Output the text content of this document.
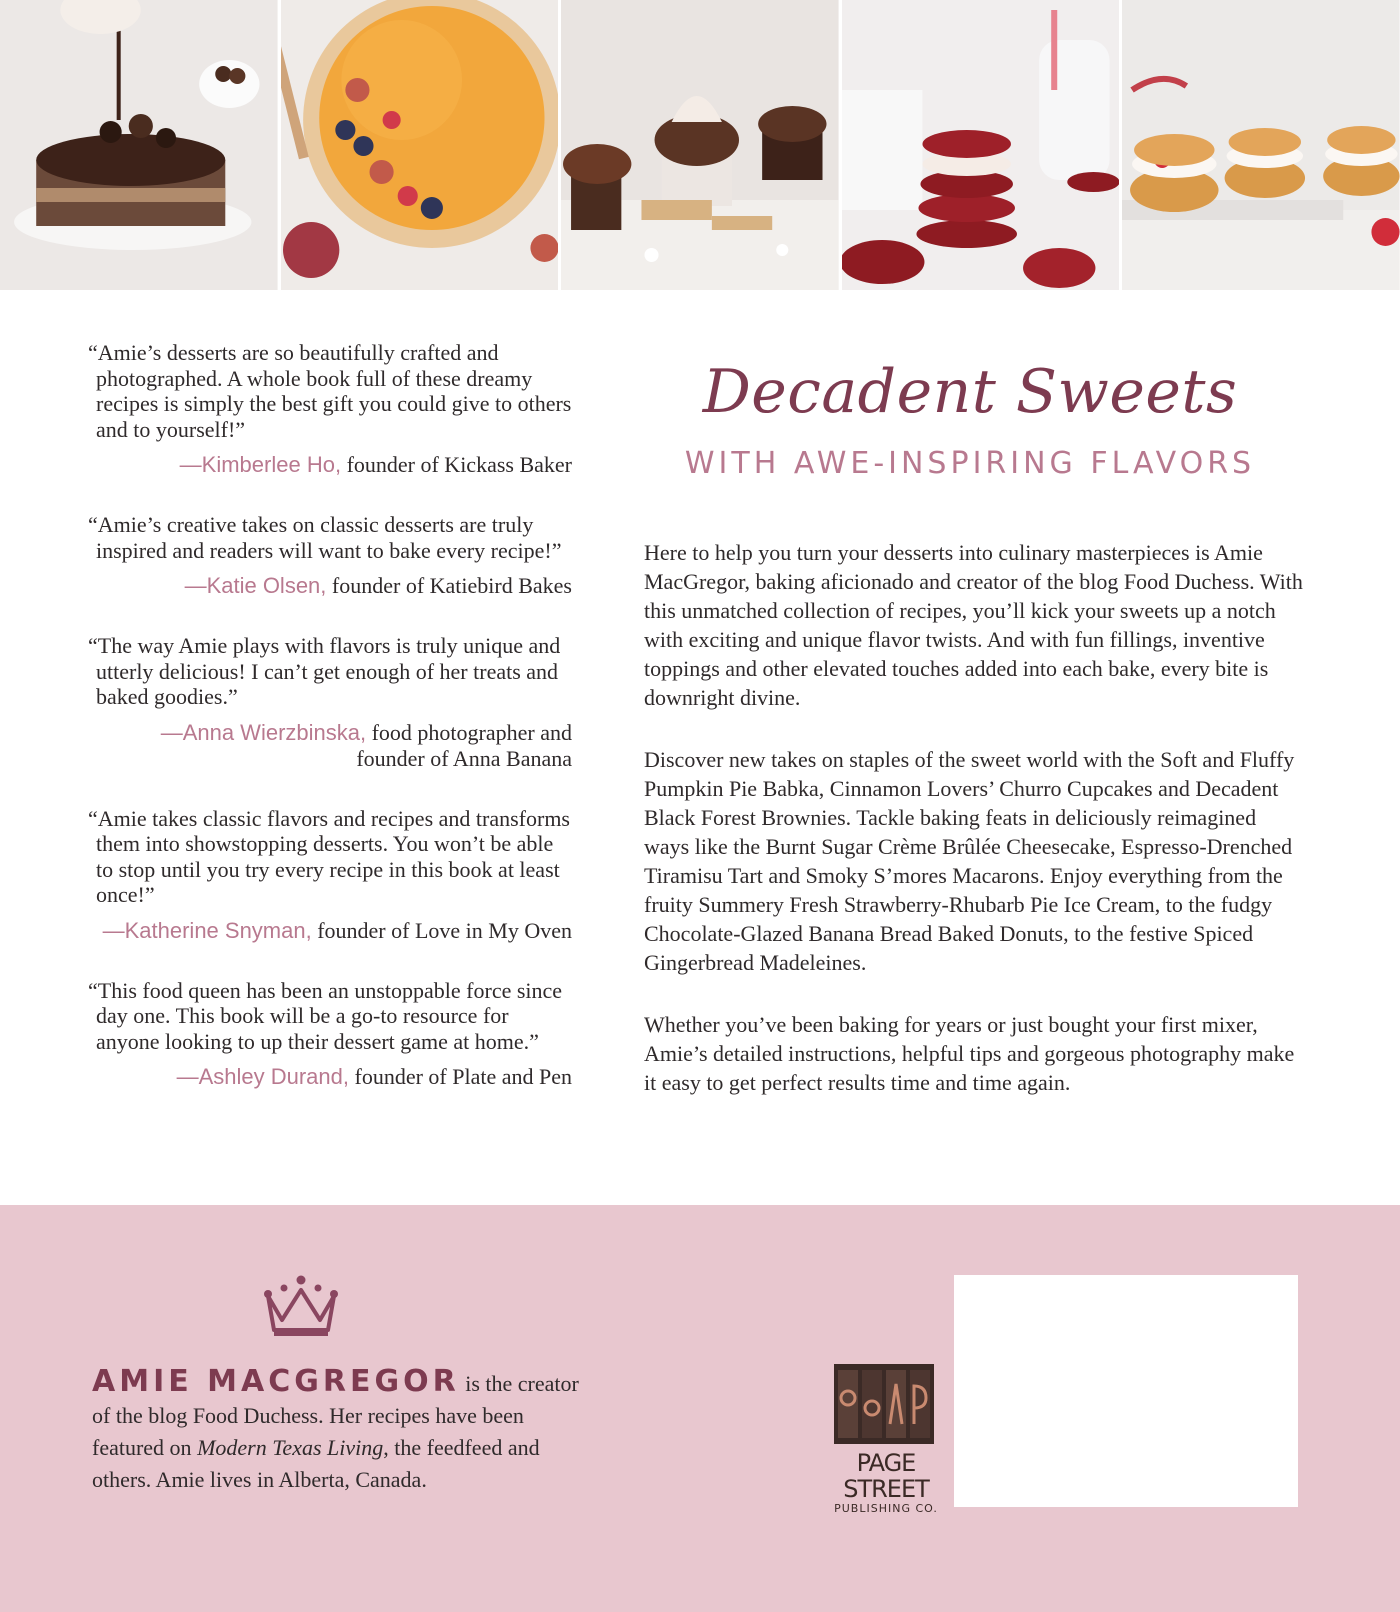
“Amie’s desserts are so beautifully crafted and photographed. A whole book full of these dreamy recipes is simply the best gift you could give to others and to yourself!”

—Kimberlee Ho, founder of Kickass Baker

“Amie’s creative takes on classic desserts are truly inspired and readers will want to bake every recipe!”

—Katie Olsen, founder of Katiebird Bakes

“The way Amie plays with flavors is truly unique and utterly delicious! I can’t get enough of her treats and baked goodies.”

—Anna Wierzbinska, food photographer and founder of Anna Banana

“Amie takes classic flavors and recipes and transforms them into showstopping desserts. You won’t be able to stop until you try every recipe in this book at least once!”

—Katherine Snyman, founder of Love in My Oven

“This food queen has been an unstoppable force since day one. This book will be a go-to resource for anyone looking to up their dessert game at home.”

—Ashley Durand, founder of Plate and Pen
Decadent Sweets
WITH AWE-INSPIRING FLAVORS

Here to help you turn your desserts into culinary masterpieces is Amie MacGregor, baking aficionado and creator of the blog Food Duchess. With this unmatched collection of recipes, you’ll kick your sweets up a notch with exciting and unique flavor twists. And with fun fillings, inventive toppings and other elevated touches added into each bake, every bite is downright divine.

Discover new takes on staples of the sweet world with the Soft and Fluffy Pumpkin Pie Babka, Cinnamon Lovers’ Churro Cupcakes and Decadent Black Forest Brownies. Tackle baking feats in deliciously reimagined ways like the Burnt Sugar Crème Brûlée Cheesecake, Espresso-Drenched Tiramisu Tart and Smoky S’mores Macarons. Enjoy everything from the fruity Summery Fresh Strawberry-Rhubarb Pie Ice Cream, to the fudgy Chocolate-Glazed Banana Bread Baked Donuts, to the festive Spiced Gingerbread Madeleines.

Whether you’ve been baking for years or just bought your first mixer, Amie’s detailed instructions, helpful tips and gorgeous photography make it easy to get perfect results time and time again.

AMIE MACGREGOR is the creator of the blog Food Duchess. Her recipes have been featured on Modern Texas Living, the feedfeed and others. Amie lives in Alberta, Canada.
PAGE STREET
PUBLISHING CO.
